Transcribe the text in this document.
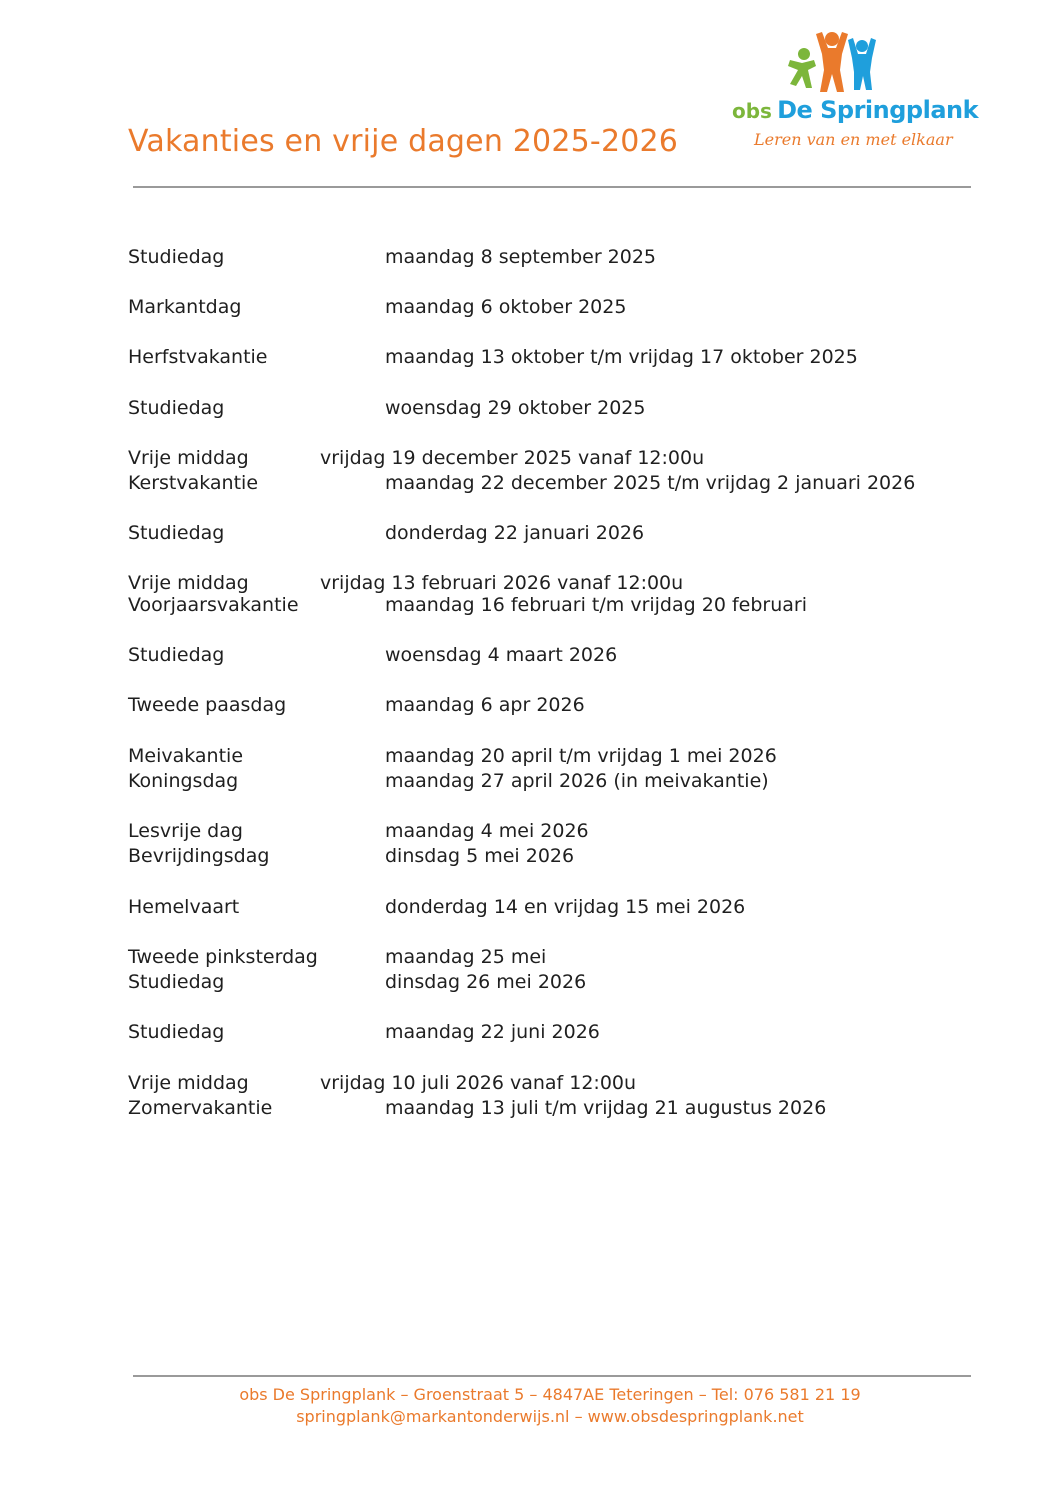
Vakanties en vrije dagen 2025-2026
obs De Springplank
Leren van en met elkaar
Studiedag	maandag 8 september 2025
Markantdag	maandag 6 oktober 2025
Herfstvakantie	maandag 13 oktober t/m vrijdag 17 oktober 2025
Studiedag	woensdag 29 oktober 2025
Vrije middag	vrijdag 19 december 2025 vanaf 12:00u
Kerstvakantie	maandag 22 december 2025 t/m vrijdag 2 januari 2026
Studiedag	donderdag 22 januari 2026
Vrije middag	vrijdag 13 februari 2026 vanaf 12:00u
Voorjaarsvakantie	maandag 16 februari t/m vrijdag 20 februari
Studiedag	woensdag 4 maart 2026
Tweede paasdag	maandag 6 apr 2026
Meivakantie	maandag 20 april t/m vrijdag 1 mei 2026
Koningsdag	maandag 27 april 2026 (in meivakantie)
Lesvrije dag	maandag 4 mei 2026
Bevrijdingsdag	dinsdag 5 mei 2026
Hemelvaart	donderdag 14 en vrijdag 15 mei 2026
Tweede pinksterdag	maandag 25 mei
Studiedag	dinsdag 26 mei 2026
Studiedag	maandag 22 juni 2026
Vrije middag	vrijdag 10 juli 2026 vanaf 12:00u
Zomervakantie	maandag 13 juli t/m vrijdag 21 augustus 2026
obs De Springplank – Groenstraat 5 – 4847AE Teteringen – Tel: 076 581 21 19
springplank@markantonderwijs.nl – www.obsdespringplank.net
